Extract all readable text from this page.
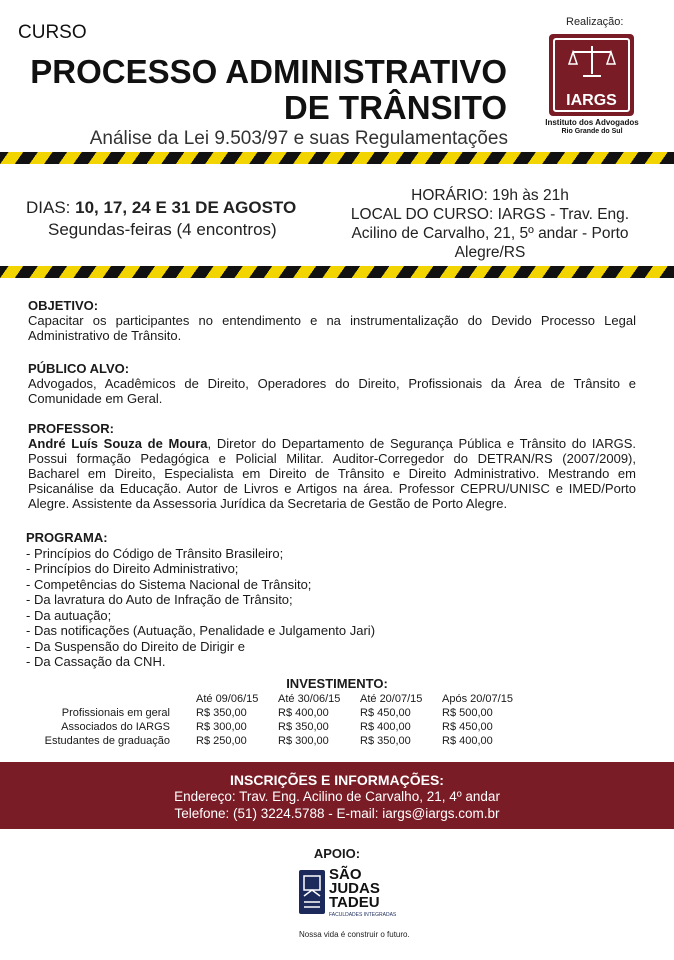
CURSO
PROCESSO ADMINISTRATIVO
DE TRÂNSITO
Análise da Lei 9.503/97 e suas Regulamentações
Realização:
IARGS
Instituto dos Advogados
Rio Grande do Sul
DIAS: 10, 17, 24 E 31 DE AGOSTO
Segundas-feiras (4 encontros)
HORÁRIO: 19h às 21h
LOCAL DO CURSO: IARGS - Trav. Eng.
Acilino de Carvalho, 21, 5º andar - Porto
Alegre/RS
OBJETIVO:
Capacitar os participantes no entendimento e na instrumentalização do Devido Processo Legal Administrativo de Trânsito.
PÚBLICO ALVO:
Advogados, Acadêmicos de Direito, Operadores do Direito, Profissionais da Área de Trânsito e Comunidade em Geral.
PROFESSOR:
André Luís Souza de Moura, Diretor do Departamento de Segurança Pública e Trânsito do IARGS. Possui formação Pedagógica e Policial Militar. Auditor-Corregedor do DETRAN/RS (2007/2009), Bacharel em Direito, Especialista em Direito de Trânsito e Direito Administrativo. Mestrando em Psicanálise da Educação. Autor de Livros e Artigos na área. Professor CEPRU/UNISC e IMED/Porto Alegre. Assistente da Assessoria Jurídica da Secretaria de Gestão de Porto Alegre.
PROGRAMA:
- Princípios do Código de Trânsito Brasileiro;
- Princípios do Direito Administrativo;
- Competências do Sistema Nacional de Trânsito;
- Da lavratura do Auto de Infração de Trânsito;
- Da autuação;
- Das notificações (Autuação, Penalidade e Julgamento Jari)
- Da Suspensão do Direito de Dirigir e
- Da Cassação da CNH.
INVESTIMENTO:
	Até 09/06/15	Até 30/06/15	Até 20/07/15	Após 20/07/15
Profissionais em geral	R$ 350,00	R$ 400,00	R$ 450,00	R$ 500,00
Associados do IARGS	R$ 300,00	R$ 350,00	R$ 400,00	R$ 450,00
Estudantes de graduação	R$ 250,00	R$ 300,00	R$ 350,00	R$ 400,00
INSCRIÇÕES E INFORMAÇÕES:
Endereço: Trav. Eng. Acilino de Carvalho, 21, 4º andar
Telefone: (51) 3224.5788 - E-mail: iargs@iargs.com.br
APOIO:
SÃO
JUDAS
TADEU
FACULDADES INTEGRADAS
Nossa vida é construir o futuro.
